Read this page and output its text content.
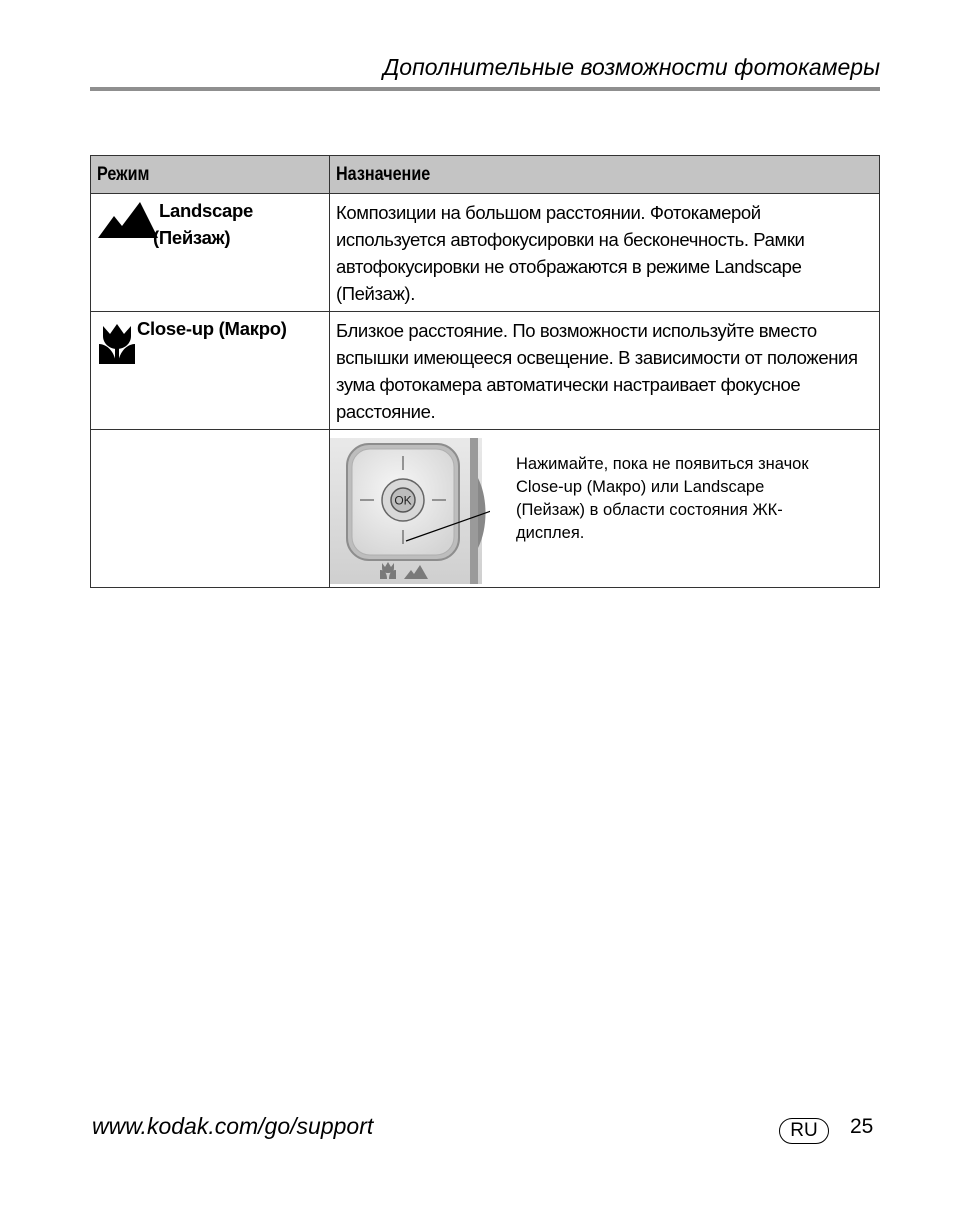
Дополнительные возможности фотокамеры
Режим	Назначение

Landscape
(Пейзаж)	Композиции на большом расстоянии. Фотокамерой используется автофокусировки на бесконечность. Рамки автофокусировки не отображаются в режиме Landscape (Пейзаж).

Close-up (Макро)	Близкое расстояние. По возможности используйте вместо вспышки имеющееся освещение. В зависимости от положения зума фотокамера автоматически настраивает фокусное расстояние.

OK
Нажимайте, пока не появиться значок Close-up (Макро) или Landscape (Пейзаж) в области состояния ЖК-дисплея.
www.kodak.com/go/support	RU	25
